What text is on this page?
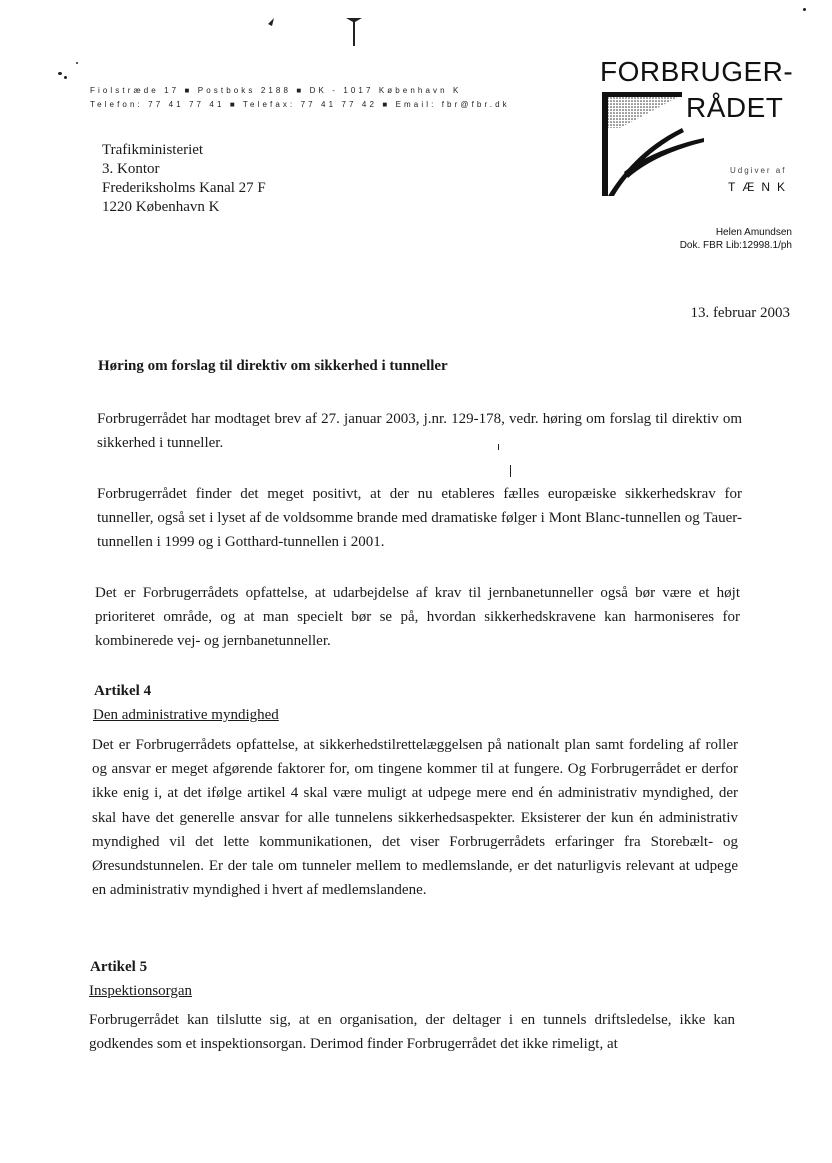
Fiolstræde 17 ■ Postboks 2188 ■ DK - 1017 København K
Telefon: 77 41 77 41 ■ Telefax: 77 41 77 42 ■ Email: fbr@fbr.dk
FORBRUGER-
RÅDET
Udgiver af
TÆNK
Trafikministeriet
3. Kontor
Frederiksholms Kanal 27 F
1220 København K
Helen Amundsen
Dok. FBR Lib:12998.1/ph
13. februar 2003
Høring om forslag til direktiv om sikkerhed i tunneller
Forbrugerrådet har modtaget brev af 27. januar 2003, j.nr. 129-178, vedr. høring om forslag til direktiv om sikkerhed i tunneller.
Forbrugerrådet finder det meget positivt, at der nu etableres fælles europæiske sikkerhedskrav for tunneller, også set i lyset af de voldsomme brande med dramatiske følger i Mont Blanc-tunnellen og Tauer-tunnellen i 1999 og i Gotthard-tunnellen i 2001.
Det er Forbrugerrådets opfattelse, at udarbejdelse af krav til jernbanetunneller også bør være et højt prioriteret område, og at man specielt bør se på, hvordan sikkerhedskravene kan harmoniseres for kombinerede vej- og jernbanetunneller.
Artikel 4
Den administrative myndighed
Det er Forbrugerrådets opfattelse, at sikkerhedstilrettelæggelsen på nationalt plan samt fordeling af roller og ansvar er meget afgørende faktorer for, om tingene kommer til at fungere. Og Forbrugerrådet er derfor ikke enig i, at det ifølge artikel 4 skal være muligt at udpege mere end én administrativ myndighed, der skal have det generelle ansvar for alle tunnelens sikkerhedsaspekter. Eksisterer der kun én administrativ myndighed vil det lette kommunikationen, det viser Forbrugerrådets erfaringer fra Storebælt- og Øresundstunnelen. Er der tale om tunneler mellem to medlemslande, er det naturligvis relevant at udpege en administrativ myndighed i hvert af medlemslandene.
Artikel 5
Inspektionsorgan
Forbrugerrådet kan tilslutte sig, at en organisation, der deltager i en tunnels driftsledelse, ikke kan godkendes som et inspektionsorgan. Derimod finder Forbrugerrådet det ikke rimeligt, at
